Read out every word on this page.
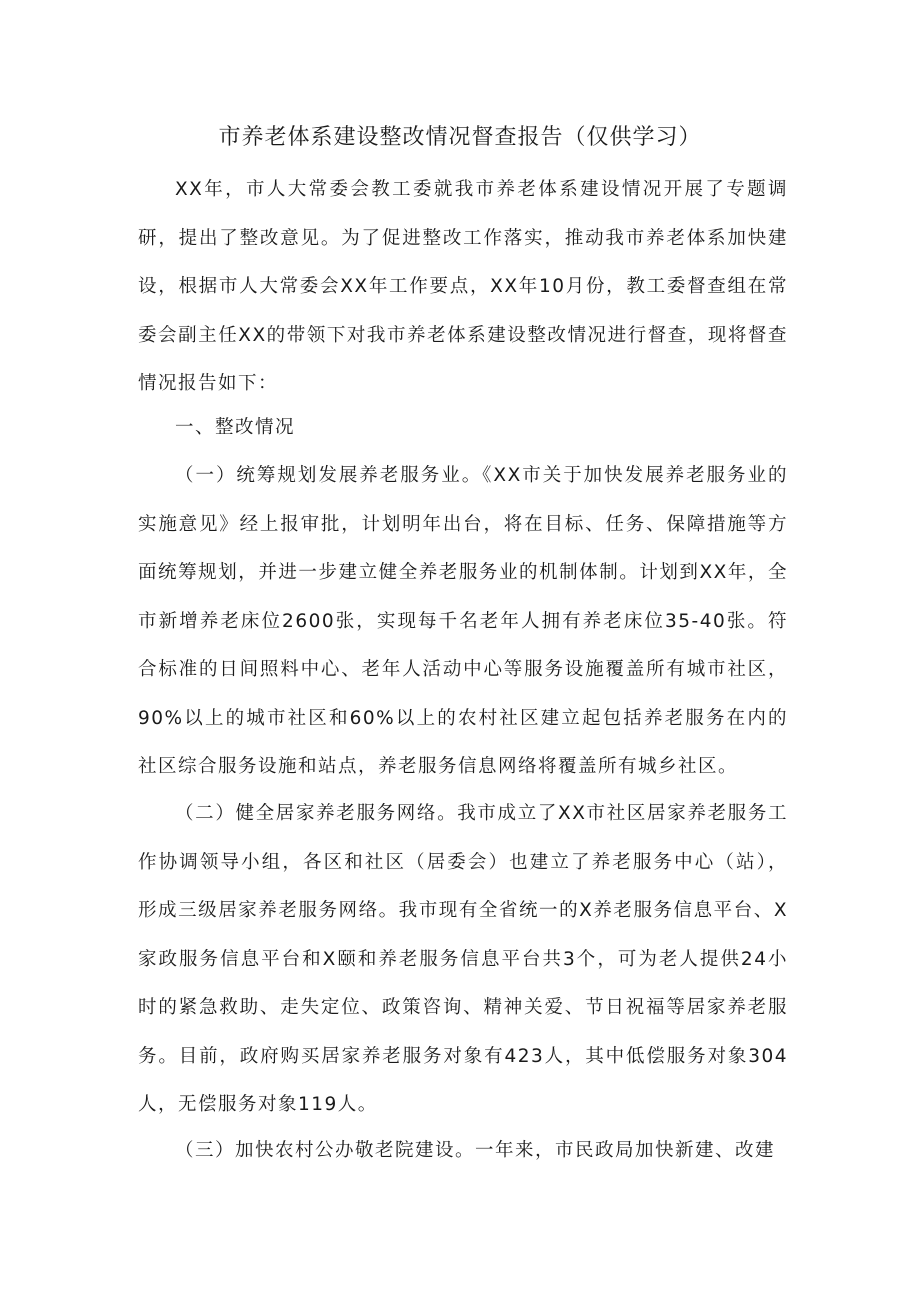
市养老体系建设整改情况督查报告（仅供学习）

XX年，市人大常委会教工委就我市养老体系建设情况开展了专题调研，提出了整改意见。为了促进整改工作落实，推动我市养老体系加快建设，根据市人大常委会XX年工作要点，XX年10月份，教工委督查组在常委会副主任XX的带领下对我市养老体系建设整改情况进行督查，现将督查情况报告如下：

一、整改情况

（一）统筹规划发展养老服务业。《XX市关于加快发展养老服务业的实施意见》经上报审批，计划明年出台，将在目标、任务、保障措施等方面统筹规划，并进一步建立健全养老服务业的机制体制。计划到XX年，全市新增养老床位2600张，实现每千名老年人拥有养老床位35-40张。符合标准的日间照料中心、老年人活动中心等服务设施覆盖所有城市社区，90%以上的城市社区和60%以上的农村社区建立起包括养老服务在内的社区综合服务设施和站点，养老服务信息网络将覆盖所有城乡社区。

（二）健全居家养老服务网络。我市成立了XX市社区居家养老服务工作协调领导小组，各区和社区（居委会）也建立了养老服务中心（站），形成三级居家养老服务网络。我市现有全省统一的X养老服务信息平台、X家政服务信息平台和X颐和养老服务信息平台共3个，可为老人提供24小时的紧急救助、走失定位、政策咨询、精神关爱、节日祝福等居家养老服务。目前，政府购买居家养老服务对象有423人，其中低偿服务对象304人，无偿服务对象119人。

（三）加快农村公办敬老院建设。一年来，市民政局加快新建、改建
